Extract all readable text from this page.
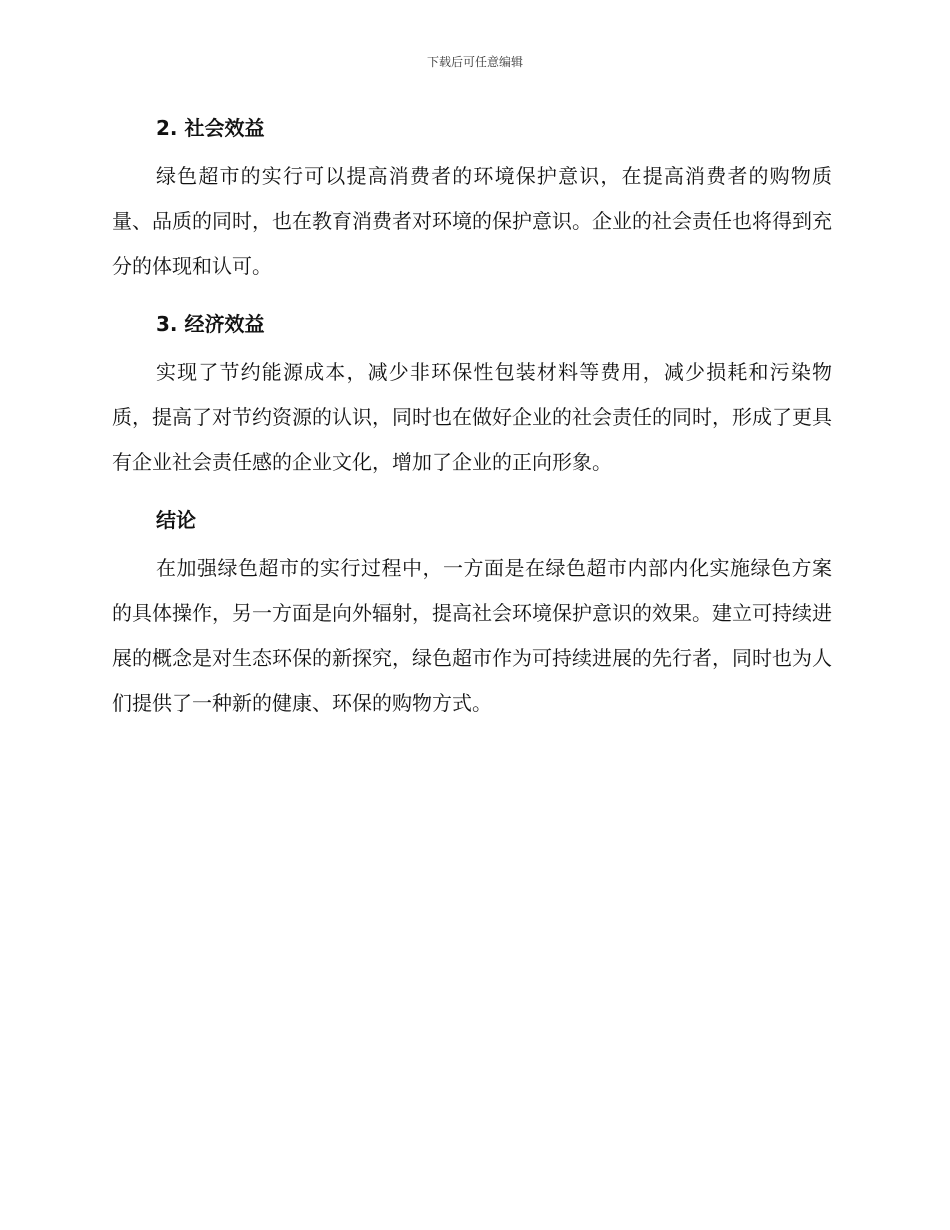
下载后可任意编辑
2. 社会效益

绿色超市的实行可以提高消费者的环境保护意识，在提高消费者的购物质量、品质的同时，也在教育消费者对环境的保护意识。企业的社会责任也将得到充分的体现和认可。

3. 经济效益

实现了节约能源成本，减少非环保性包装材料等费用，减少损耗和污染物质，提高了对节约资源的认识，同时也在做好企业的社会责任的同时，形成了更具有企业社会责任感的企业文化，增加了企业的正向形象。

结论

在加强绿色超市的实行过程中，一方面是在绿色超市内部内化实施绿色方案的具体操作，另一方面是向外辐射，提高社会环境保护意识的效果。建立可持续进展的概念是对生态环保的新探究，绿色超市作为可持续进展的先行者，同时也为人们提供了一种新的健康、环保的购物方式。
